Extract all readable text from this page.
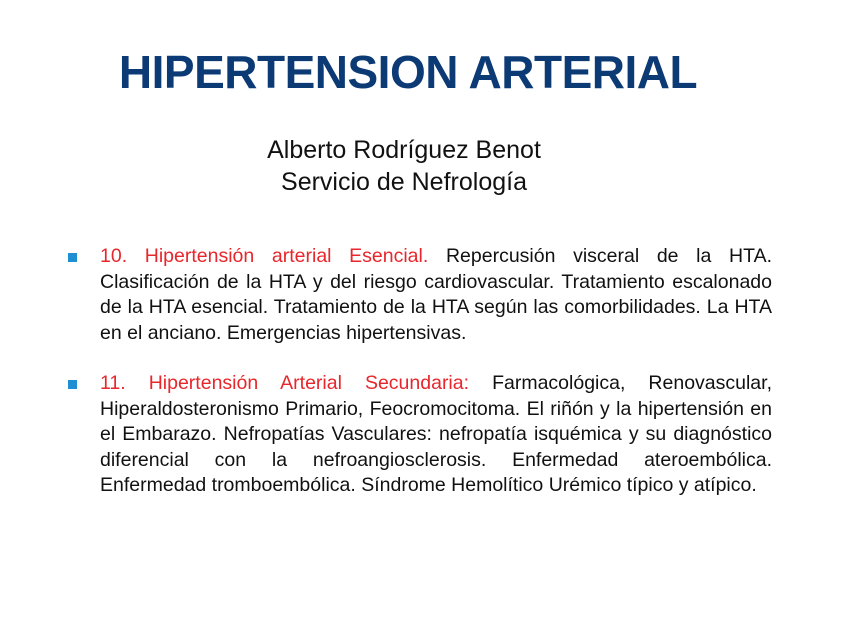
HIPERTENSION ARTERIAL
Alberto Rodríguez Benot
Servicio de Nefrología
10. Hipertensión arterial Esencial. Repercusión visceral de la HTA. Clasificación de la HTA y del riesgo cardiovascular. Tratamiento escalonado de la HTA esencial. Tratamiento de la HTA según las comorbilidades. La HTA en el anciano. Emergencias hipertensivas.
11. Hipertensión Arterial Secundaria: Farmacológica, Renovascular, Hiperaldosteronismo Primario, Feocromocitoma. El riñón y la hipertensión en el Embarazo. Nefropatías Vasculares: nefropatía isquémica y su diagnóstico diferencial con la nefroangiosclerosis. Enfermedad ateroembólica. Enfermedad tromboembólica. Síndrome Hemolítico Urémico típico y atípico.
